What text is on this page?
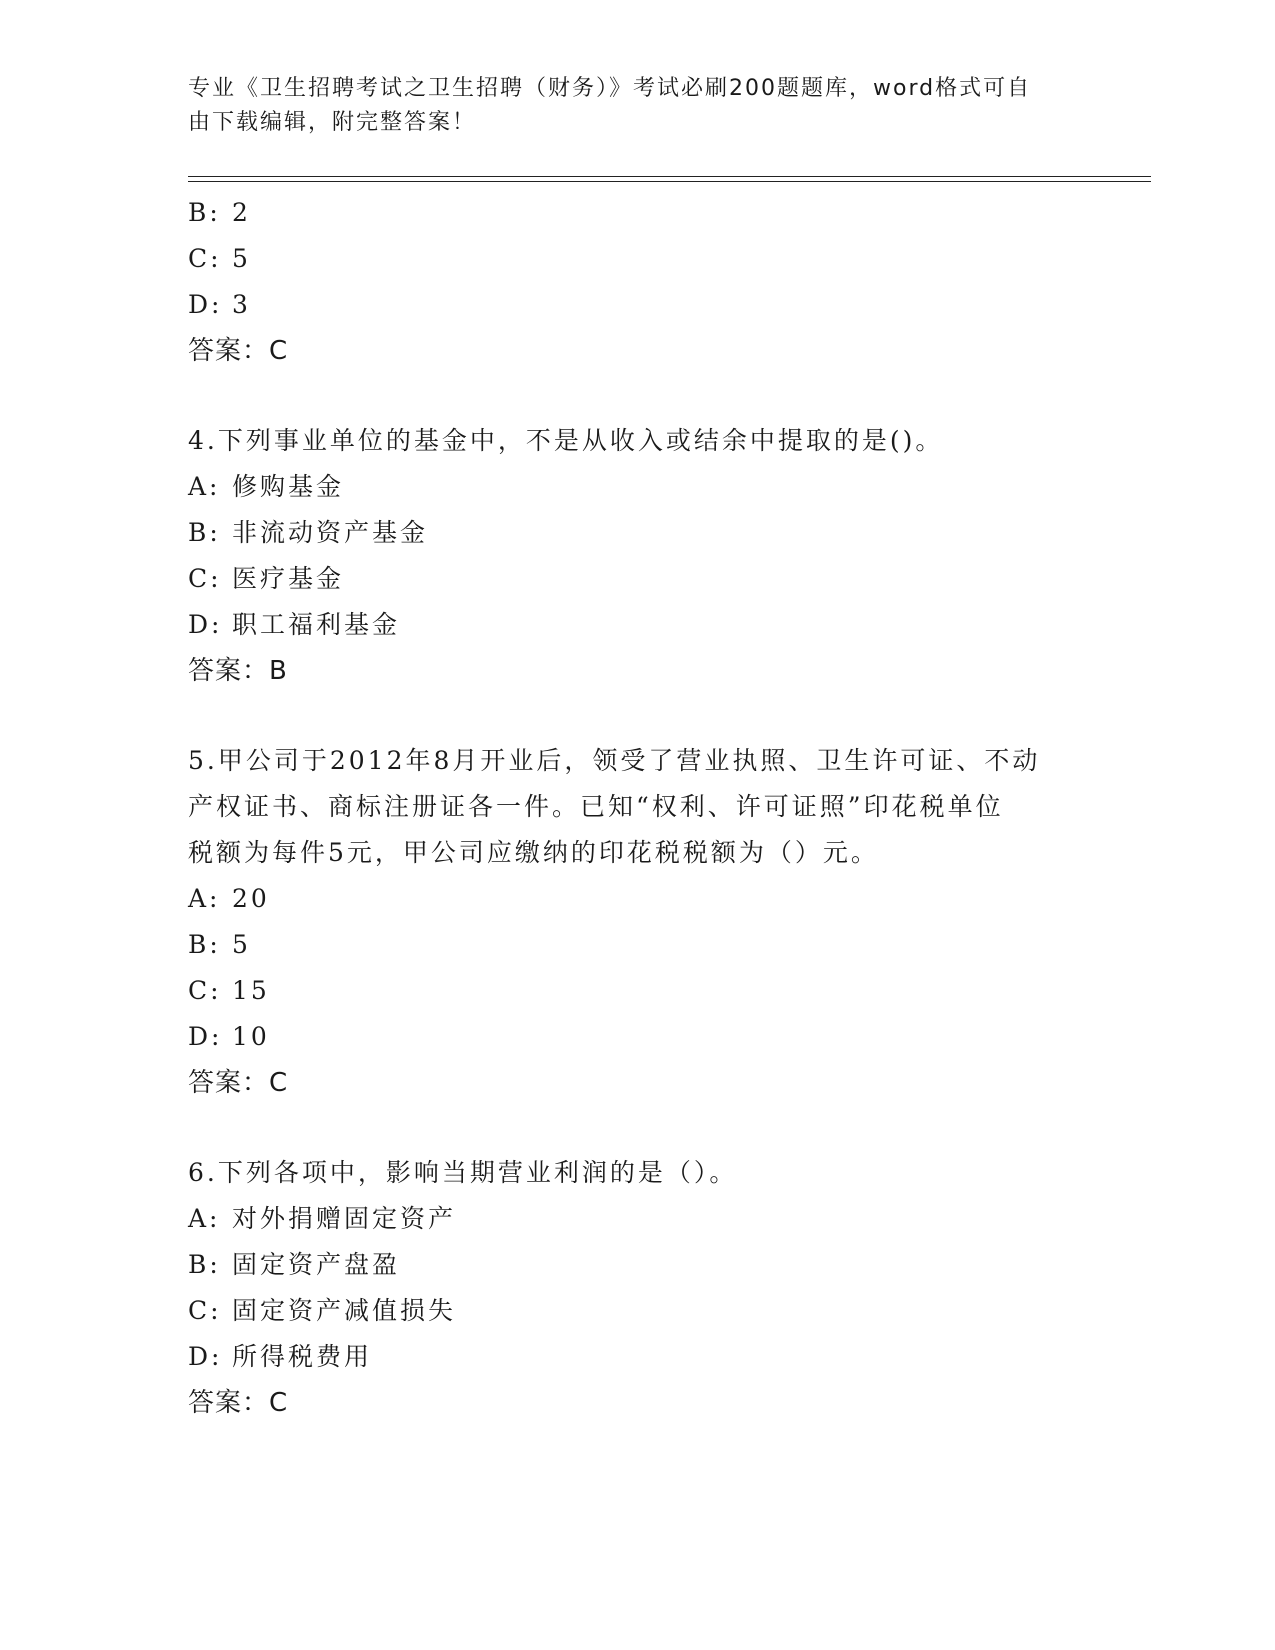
专业《卫生招聘考试之卫生招聘（财务）》考试必刷200题题库，word格式可自
由下载编辑，附完整答案！
B: 2
C: 5
D: 3
答案：C
4.下列事业单位的基金中，不是从收入或结余中提取的是()。
A: 修购基金
B: 非流动资产基金
C: 医疗基金
D: 职工福利基金
答案：B
5.甲公司于2012年8月开业后，领受了营业执照、卫生许可证、不动
产权证书、商标注册证各一件。已知“权利、许可证照”印花税单位
税额为每件5元，甲公司应缴纳的印花税税额为（）元。
A: 20
B: 5
C: 15
D: 10
答案：C
6.下列各项中，影响当期营业利润的是（）。
A: 对外捐赠固定资产
B: 固定资产盘盈
C: 固定资产减值损失
D: 所得税费用
答案：C
